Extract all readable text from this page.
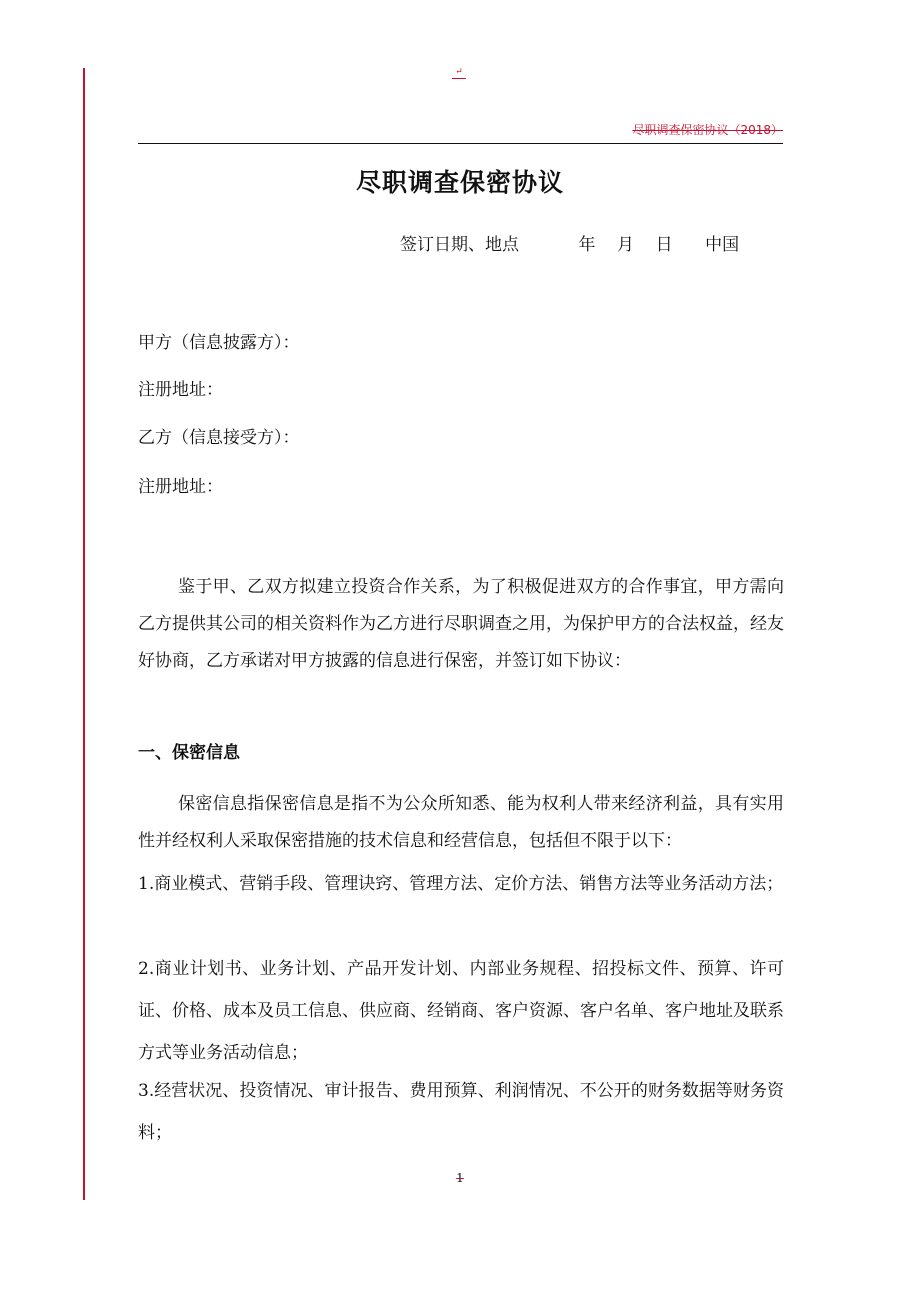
↵
尽职调查保密协议（2018）
尽职调查保密协议
签订日期、地点           年    月    日      中国
甲方（信息披露方）：
注册地址：
乙方（信息接受方）：
注册地址：
鉴于甲、乙双方拟建立投资合作关系，为了积极促进双方的合作事宜，甲方需向乙方提供其公司的相关资料作为乙方进行尽职调查之用，为保护甲方的合法权益，经友好协商，乙方承诺对甲方披露的信息进行保密，并签订如下协议：
一、保密信息
保密信息指保密信息是指不为公众所知悉、能为权利人带来经济利益，具有实用性并经权利人采取保密措施的技术信息和经营信息，包括但不限于以下：
1.商业模式、营销手段、管理诀窍、管理方法、定价方法、销售方法等业务活动方法；
2.商业计划书、业务计划、产品开发计划、内部业务规程、招投标文件、预算、许可证、价格、成本及员工信息、供应商、经销商、客户资源、客户名单、客户地址及联系方式等业务活动信息；
3.经营状况、投资情况、审计报告、费用预算、利润情况、不公开的财务数据等财务资料；
1
